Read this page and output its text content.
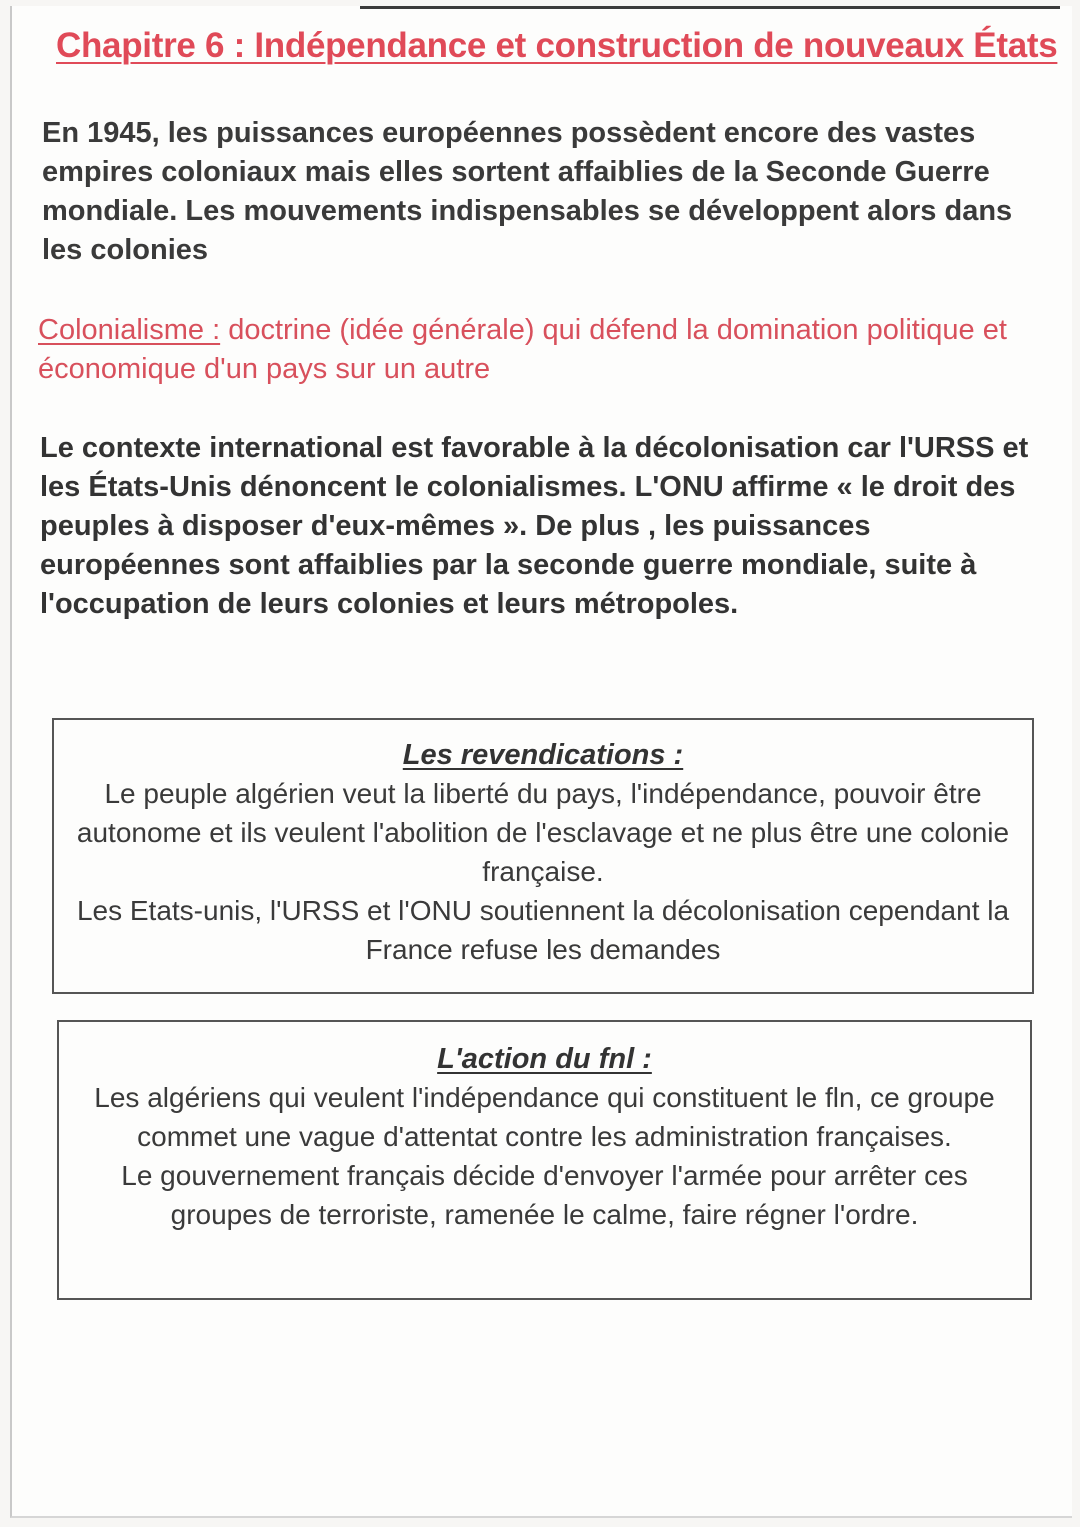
Chapitre 6 : Indépendance et construction de nouveaux États

En 1945, les puissances européennes possèdent encore des vastes empires coloniaux mais elles sortent affaiblies de la Seconde Guerre mondiale. Les mouvements indispensables se développent alors dans les colonies

Colonialisme : doctrine (idée générale) qui défend la domination politique et économique d'un pays sur un autre

Le contexte international est favorable à la décolonisation car l'URSS et les États-Unis dénoncent le colonialismes. L'ONU affirme « le droit des peuples à disposer d'eux-mêmes ». De plus , les puissances européennes sont affaiblies par la seconde guerre mondiale, suite à l'occupation de leurs colonies et leurs métropoles.

Les revendications :

Le peuple algérien veut la liberté du pays, l'indépendance, pouvoir être autonome et ils veulent l'abolition de l'esclavage et ne plus être une colonie française.

Les Etats-unis, l'URSS et l'ONU soutiennent la décolonisation cependant la France refuse les demandes

L'action du fnl :

Les algériens qui veulent l'indépendance qui constituent le fln, ce groupe commet une vague d'attentat contre les administration françaises.

Le gouvernement français décide d'envoyer l'armée pour arrêter ces groupes de terroriste, ramenée le calme, faire régner l'ordre.
